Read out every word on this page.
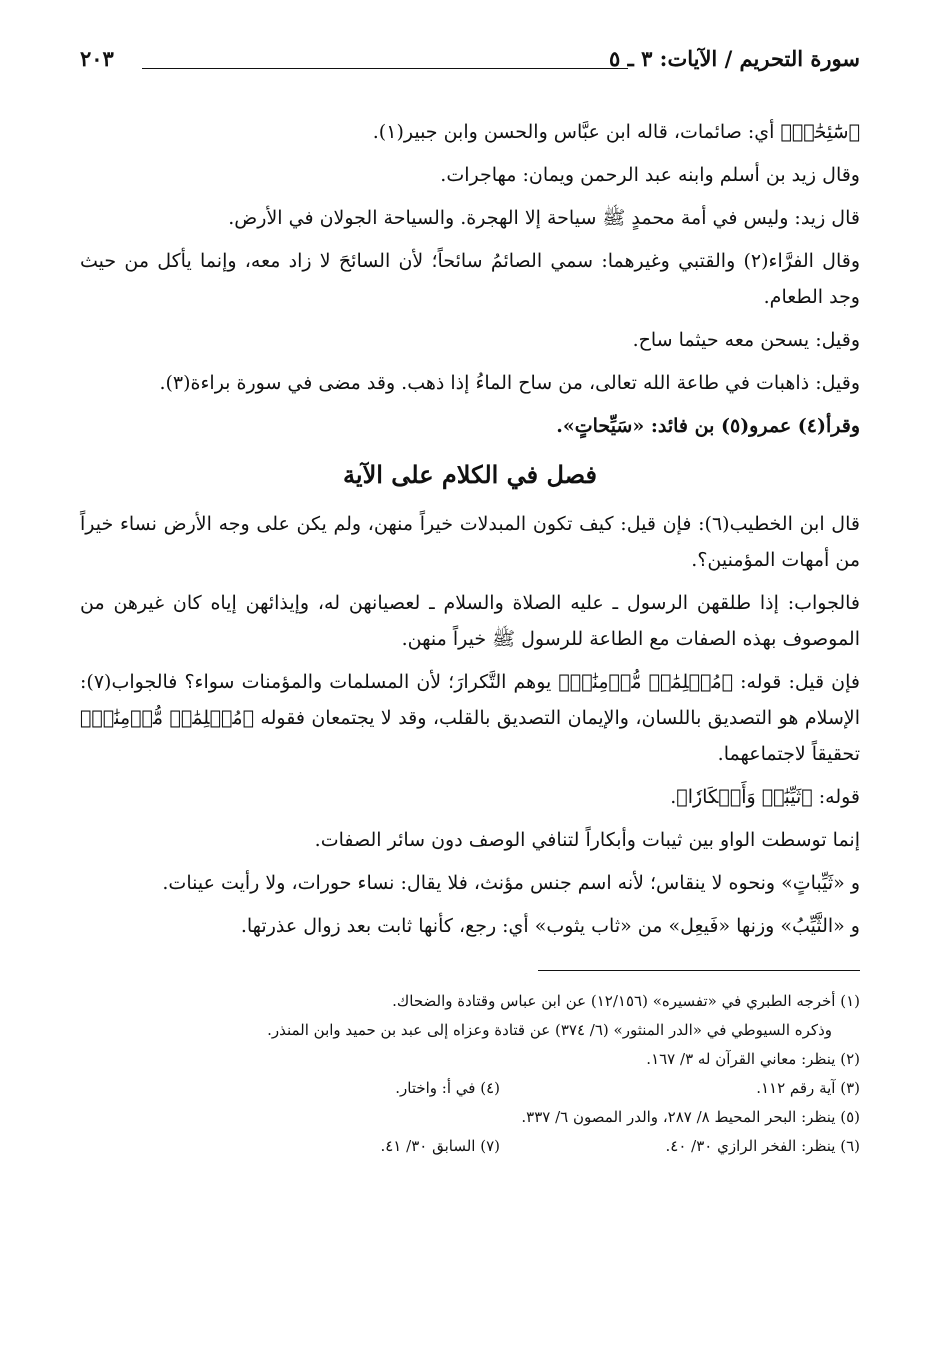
سورة التحريم / الآيات: ٣ ـ ٥
٢٠٣

﴿سَٰٓئِحَٰتٖ﴾ أي: صائمات، قاله ابن عبَّاس والحسن وابن جبير(١).

وقال زيد بن أسلم وابنه عبد الرحمن ويمان: مهاجرات.

قال زيد: وليس في أمة محمدٍ ﷺ سياحة إلا الهجرة. والسياحة الجولان في الأرض.

وقال الفرَّاء(٢) والقتبي وغيرهما: سمي الصائمُ سائحاً؛ لأن السائحَ لا زاد معه، وإنما يأكل من حيث وجد الطعام.

وقيل: يسحن معه حيثما ساح.

وقيل: ذاهبات في طاعة الله تعالى، من ساح الماءُ إذا ذهب. وقد مضى في سورة براءة(٣).

وقرأ(٤) عمرو(٥) بن فائد: «سَيِّحاتٍ».

فصل في الكلام على الآية

قال ابن الخطيب(٦): فإن قيل: كيف تكون المبدلات خيراً منهن، ولم يكن على وجه الأرض نساء خيراً من أمهات المؤمنين؟.

فالجواب: إذا طلقهن الرسول ـ عليه الصلاة والسلام ـ لعصيانهن له، وإيذائهن إياه كان غيرهن من الموصوف بهذه الصفات مع الطاعة للرسول ﷺ خيراً منهن.

فإن قيل: قوله: ﴿مُسۡلِمَٰتٖ مُّؤۡمِنَٰتٖ﴾ يوهم التَّكرارَ؛ لأن المسلمات والمؤمنات سواء؟ فالجواب(٧): الإسلام هو التصديق باللسان، والإيمان التصديق بالقلب، وقد لا يجتمعان فقوله ﴿مُسۡلِمَٰتٖ مُّؤۡمِنَٰتٖ﴾ تحقيقاً لاجتماعهما.

قوله: ﴿ثَيِّبَٰتٖ وَأَبۡكَارٗا﴾.

إنما توسطت الواو بين ثيبات وأبكاراً لتنافي الوصف دون سائر الصفات.

و «ثَيِّباتٍ» ونحوه لا ينقاس؛ لأنه اسم جنس مؤنث، فلا يقال: نساء حورات، ولا رأيت عينات.

و «الثَّيِّبُ» وزنها «فَيعِل» من «ثاب يثوب» أي: رجع، كأنها ثابت بعد زوال عذرتها.

(١) أخرجه الطبري في «تفسيره» (١٢/١٥٦) عن ابن عباس وقتادة والضحاك.
وذكره السيوطي في «الدر المنثور» (٦/ ٣٧٤) عن قتادة وعزاه إلى عبد بن حميد وابن المنذر.
(٢) ينظر: معاني القرآن له ٣/ ١٦٧.
(٣) آية رقم ١١٢.
(٤) في أ: واختار.
(٥) ينظر: البحر المحيط ٨/ ٢٨٧، والدر المصون ٦/ ٣٣٧.
(٦) ينظر: الفخر الرازي ٣٠/ ٤٠.
(٧) السابق ٣٠/ ٤١.
